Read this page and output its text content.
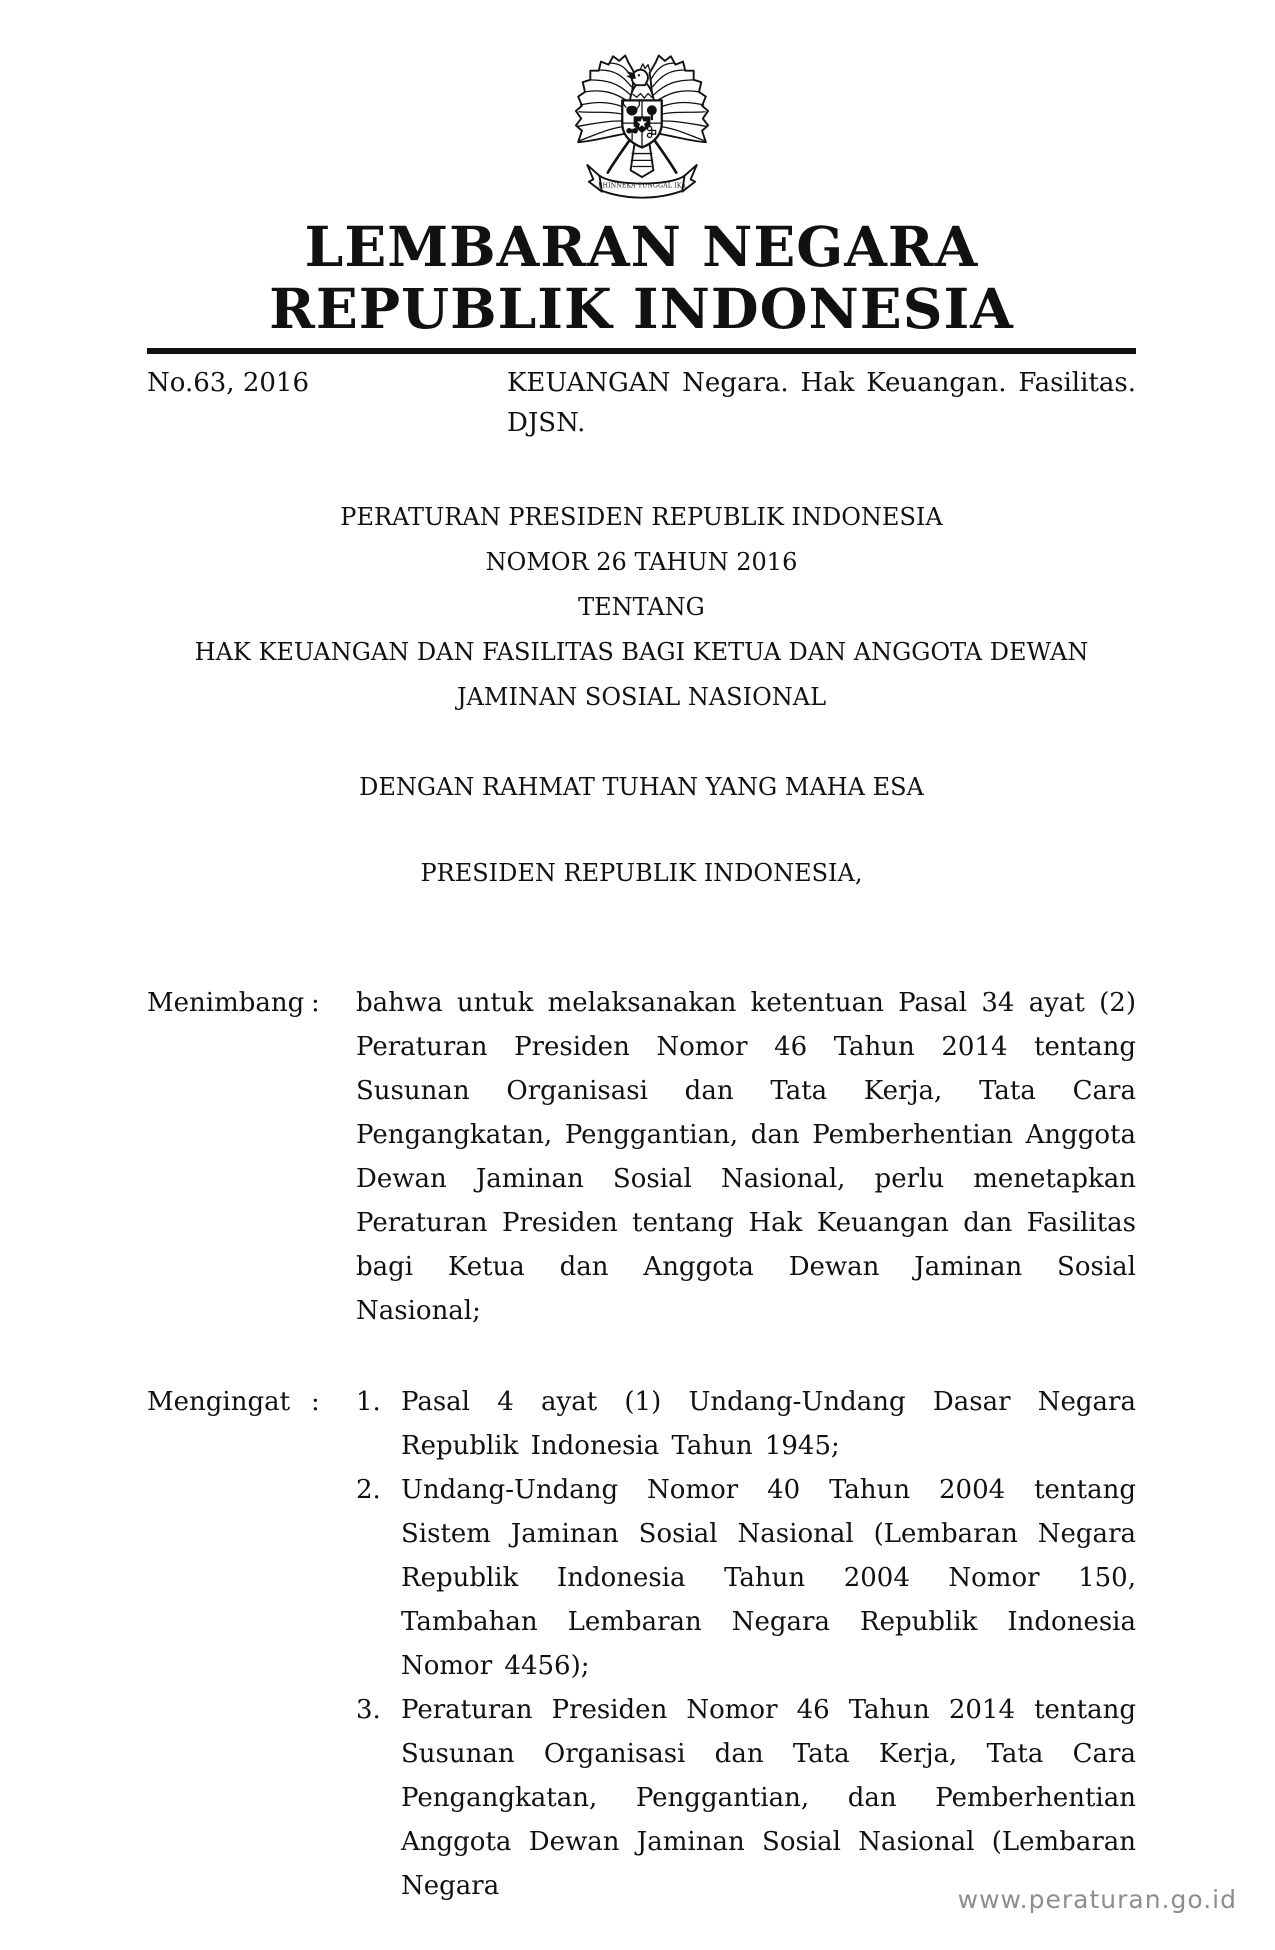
BHINNEKA TUNGGAL IKA
LEMBARAN NEGARA
REPUBLIK INDONESIA
No.63, 2016	KEUANGAN Negara. Hak Keuangan. Fasilitas.
DJSN.
PERATURAN PRESIDEN REPUBLIK INDONESIA
NOMOR 26 TAHUN 2016
TENTANG
HAK KEUANGAN DAN FASILITAS BAGI KETUA DAN ANGGOTA DEWAN
JAMINAN SOSIAL NASIONAL
DENGAN RAHMAT TUHAN YANG MAHA ESA
PRESIDEN REPUBLIK INDONESIA,
Menimbang :	bahwa untuk melaksanakan ketentuan Pasal 34 ayat (2) Peraturan Presiden Nomor 46 Tahun 2014 tentang Susunan Organisasi dan Tata Kerja, Tata Cara Pengangkatan, Penggantian, dan Pemberhentian Anggota Dewan Jaminan Sosial Nasional, perlu menetapkan Peraturan Presiden tentang Hak Keuangan dan Fasilitas bagi Ketua dan Anggota Dewan Jaminan Sosial Nasional;
Mengingat :	1. Pasal 4 ayat (1) Undang-Undang Dasar Negara Republik Indonesia Tahun 1945;
2. Undang-Undang Nomor 40 Tahun 2004 tentang Sistem Jaminan Sosial Nasional (Lembaran Negara Republik Indonesia Tahun 2004 Nomor 150, Tambahan Lembaran Negara Republik Indonesia Nomor 4456);
3. Peraturan Presiden Nomor 46 Tahun 2014 tentang Susunan Organisasi dan Tata Kerja, Tata Cara Pengangkatan, Penggantian, dan Pemberhentian Anggota Dewan Jaminan Sosial Nasional (Lembaran Negara	www.peraturan.go.id
